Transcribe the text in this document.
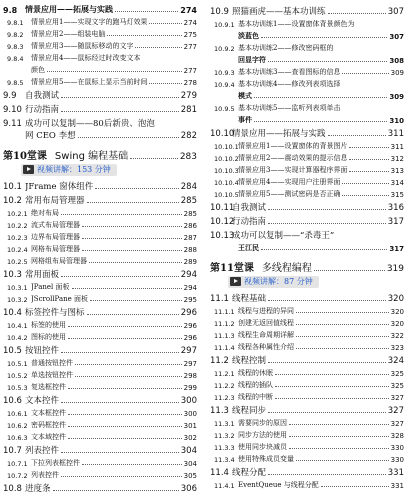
9.8 情景应用——拓展与实践	274
9.8.1	情景应用1——实现文字的跑马灯效果	274
9.8.2	情景应用2——组装电脑	275
9.8.3	情景应用3——随鼠标移动的文字	277
9.8.4	情景应用4——鼠标经过时改变文本
颜色	277
9.8.5	情景应用5——在鼠标上显示当前时间	278
9.9 自我测试	279
9.10 行动指南	281
9.11 成功可以复制——80后新贵、泡泡
网 CEO 李想	282
第10堂课 Swing 编程基础	283
视频讲解：153 分钟
10.1 JFrame 窗体组件	284
10.2 常用布局管理器	285
10.2.1 绝对布局	285
10.2.2 流式布局管理器	286
10.2.3 边界布局管理器	287
10.2.4 网格布局管理器	288
10.2.5 网格组布局管理器	289
10.3 常用面板	294
10.3.1 JPanel 面板	294
10.3.2 JScrollPane 面板	295
10.4 标签控件与图标	296
10.4.1 标签的使用	296
10.4.2 图标的使用	296
10.5 按钮控件	297
10.5.1 普通按钮控件	297
10.5.2 单选按钮控件	298
10.5.3 复选框控件	299
10.6 文本控件	300
10.6.1 文本框控件	300
10.6.2 密码框控件	301
10.6.3 文本域控件	302
10.7 列表控件	304
10.7.1 下拉列表框控件	304
10.7.2 列表控件	305
10.8 进度条	306
10.9 照猫画虎——基本功训练	307
10.9.1 基本功训练1——设置窗体背景颜色为
淡蓝色	307
10.9.2 基本功训练2——修改密码框的
回显字符	308
10.9.3 基本功训练3——查看图标的信息	309
10.9.4 基本功训练4——修改列表项选择
模式	309
10.9.5 基本功训练5——监听列表项单击
事件	310
10.10
情景应用——拓展与实践	311
10.10.1 情景应用1——设置窗体的背景图片	311
10.10.2 情景应用2——震动效果的提示信息	312
10.10.3 情景应用3——实现计算器程序界面	313
10.10.4 情景应用4——实现用户注册界面	314
10.10.5 情景应用5——测试密码是否正确	315
10.11
自我测试	316
10.12
行动指南	317
10.13
成功可以复制——“杀毒王”
王江民	317
第11堂课 多线程编程	319
视频讲解：87 分钟
11.1 线程基础	320
11.1.1 线程与进程的异同	320
11.1.2 创建无返回值线程	320
11.1.3 线程生命周期详解	322
11.1.4 线程各种属性介绍	323
11.2 线程控制	324
11.2.1 线程的休眠	325
11.2.2 线程的插队	325
11.2.3 线程的中断	327
11.3 线程同步	327
11.3.1 需要同步的原因	327
11.3.2 同步方法的使用	328
11.3.3 使用同步块减员	330
11.3.4 使用特殊成员变量	330
11.4 线程分配	331
11.4.1 EventQueue 与线程分配	331
